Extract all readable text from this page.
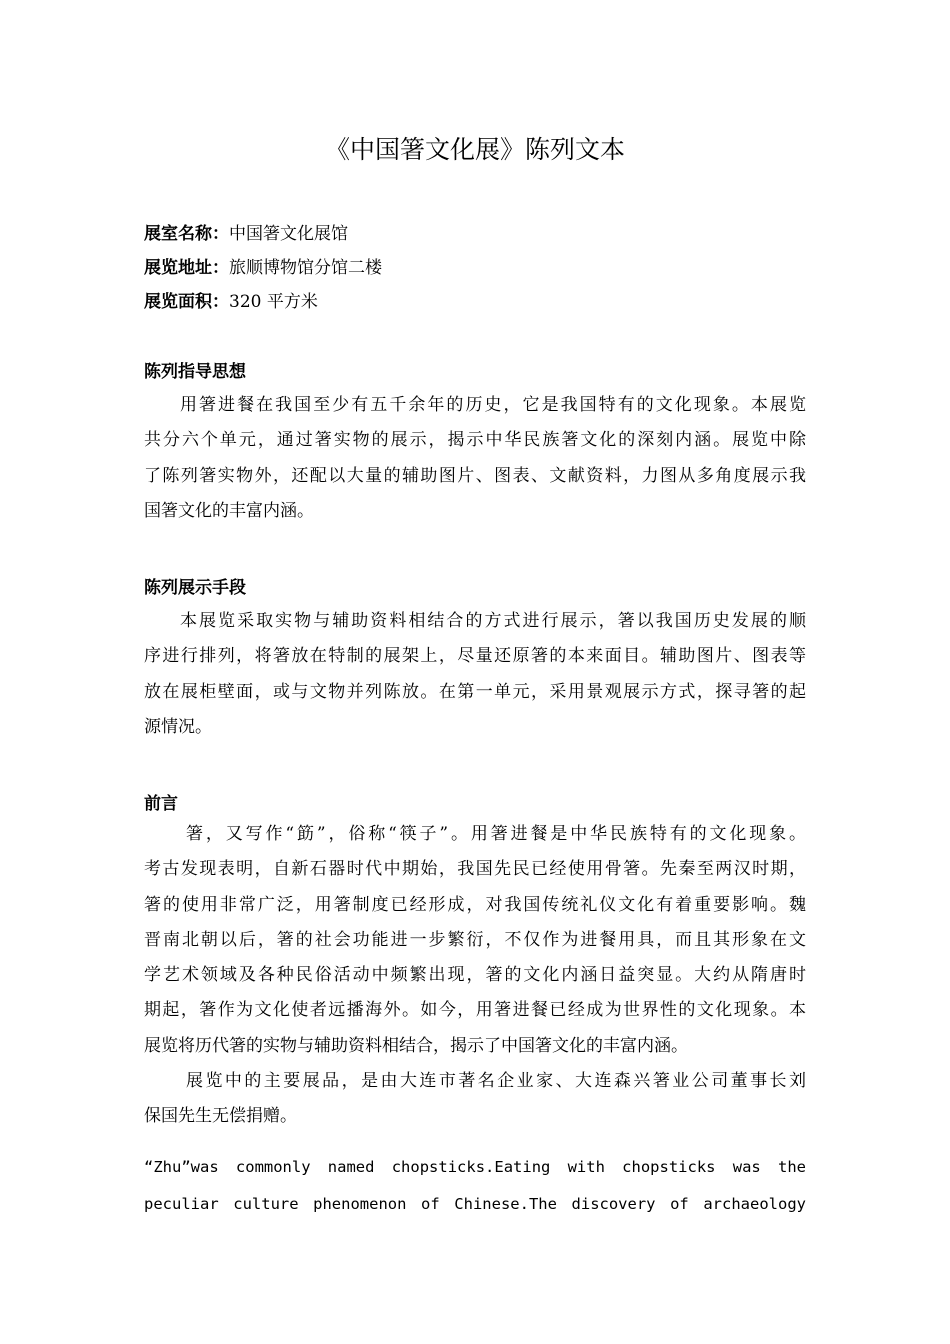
《中国箸文化展》陈列文本
展室名称：中国箸文化展馆
展览地址：旅顺博物馆分馆二楼
展览面积：320 平方米
陈列指导思想
用箸进餐在我国至少有五千余年的历史，它是我国特有的文化现象。本展览
共分六个单元，通过箸实物的展示，揭示中华民族箸文化的深刻内涵。展览中除
了陈列箸实物外，还配以大量的辅助图片、图表、文献资料，力图从多角度展示我
国箸文化的丰富内涵。
陈列展示手段
本展览采取实物与辅助资料相结合的方式进行展示，箸以我国历史发展的顺
序进行排列，将箸放在特制的展架上，尽量还原箸的本来面目。辅助图片、图表等
放在展柜壁面，或与文物并列陈放。在第一单元，采用景观展示方式，探寻箸的起
源情况。
前言
箸，又写作“筯”，俗称“筷子”。用箸进餐是中华民族特有的文化现象。
考古发现表明，自新石器时代中期始，我国先民已经使用骨箸。先秦至两汉时期，
箸的使用非常广泛，用箸制度已经形成，对我国传统礼仪文化有着重要影响。魏
晋南北朝以后，箸的社会功能进一步繁衍，不仅作为进餐用具，而且其形象在文
学艺术领域及各种民俗活动中频繁出现，箸的文化内涵日益突显。大约从隋唐时
期起，箸作为文化使者远播海外。如今，用箸进餐已经成为世界性的文化现象。本
展览将历代箸的实物与辅助资料相结合，揭示了中国箸文化的丰富内涵。
展览中的主要展品，是由大连市著名企业家、大连森兴箸业公司董事长刘
保国先生无偿捐赠。
“Zhu”was commonly named chopsticks.Eating with chopsticks was the
peculiar culture phenomenon of Chinese.The discovery of archaeology
